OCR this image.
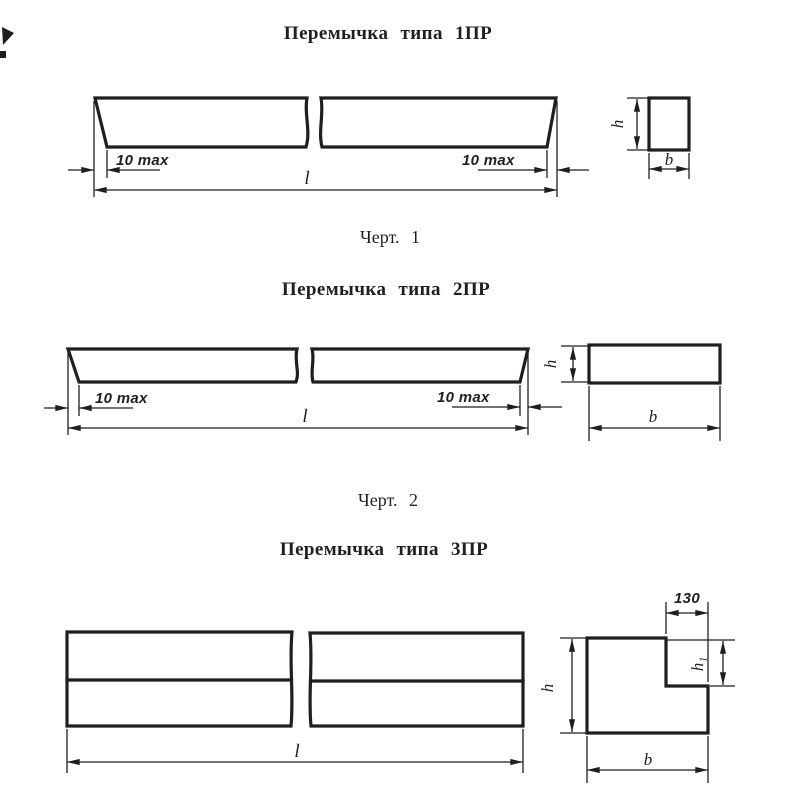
Перемычка типа 1ПР
10 max	10 max
l
h
b
Черт. 1
Перемычка типа 2ПР
10 max	10 max
l
h
b
Черт. 2
Перемычка типа 3ПР
l
h
b
130
h₁
